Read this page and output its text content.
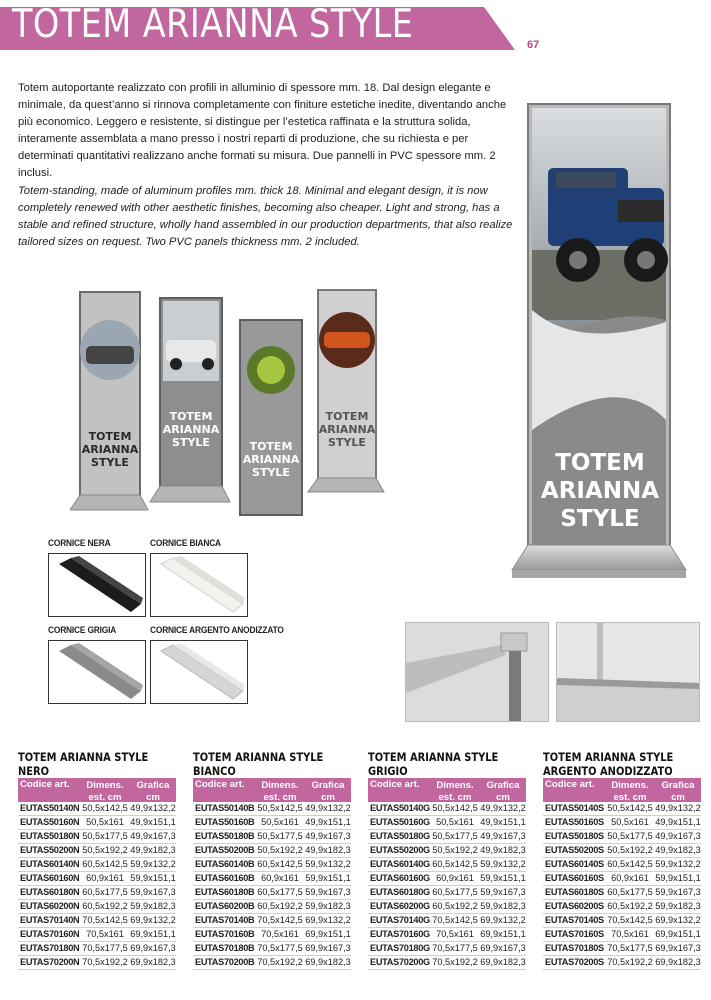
TOTEM ARIANNA STYLE	67
Totem autoportante realizzato con profili in alluminio di spessore mm. 18. Dal design elegante e minimale, da quest’anno si rinnova completamente con finiture estetiche inedite, diventando anche più economico. Leggero e resistente, si distingue per l’estetica raffinata e la struttura solida, interamente assemblata a mano presso i nostri reparti di produzione, che su richiesta e per determinati quantitativi realizzano anche formati su misura. Due pannelli in PVC spessore mm. 2 inclusi.
Totem-standing, made of aluminum profiles mm. thick 18. Minimal and elegant design, it is now completely renewed with other aesthetic finishes, becoming also cheaper. Light and strong, has a stable and refined structure, wholly hand assembled in our production departments, that also realize tailored sizes on request. Two PVC panels thickness mm. 2 included.
TOTEM
ARIANNA
STYLE
TOTEM
ARIANNA
STYLE
TOTEM
ARIANNA
STYLE	TOTEM
ARIANNA
STYLE
TOTEM
ARIANNA
STYLE
CORNICE NERA	CORNICE BIANCA
CORNICE GRIGIA	CORNICE ARGENTO ANODIZZATO
TOTEM ARIANNA STYLE
NERO
Codice art.	Dimens.
est. cm
Grafica
cm
EUTAS50140N 50,5x142,5 49,9x132,2
EUTAS50160N 50,5x161 49,9x151,1
EUTAS50180N 50,5x177,5 49,9x167,3
EUTAS50200N 50,5x192,2 49,9x182,3
EUTAS60140N 60,5x142,5 59,9x132,2
EUTAS60160N 60,9x161 59,9x151,1
EUTAS60180N 60,5x177,5 59,9x167,3
EUTAS60200N 60,5x192,2 59,9x182,3
EUTAS70140N 70,5x142,5 69,9x132,2
EUTAS70160N 70,5x161 69,9x151,1
EUTAS70180N 70,5x177,5 69,9x167,3
EUTAS70200N 70,5x192,2 69,9x182,3
TOTEM ARIANNA STYLE
BIANCO
Codice art.	Dimens.
est. cm
Grafica
cm
EUTAS50140B 50,5x142,5 49,9x132,2
EUTAS50160B 50,5x161 49,9x151,1
EUTAS50180B 50,5x177,5 49,9x167,3
EUTAS50200B 50,5x192,2 49,9x182,3
EUTAS60140B 60,5x142,5 59,9x132,2
EUTAS60160B 60,9x161 59,9x151,1
EUTAS60180B 60,5x177,5 59,9x167,3
EUTAS60200B 60,5x192,2 59,9x182,3
EUTAS70140B 70,5x142,5 69,9x132,2
EUTAS70160B 70,5x161 69,9x151,1
EUTAS70180B 70,5x177,5 69,9x167,3
EUTAS70200B 70,5x192,2 69,9x182,3
TOTEM ARIANNA STYLE
GRIGIO
Codice art.	Dimens.
est. cm
Grafica
cm
EUTAS50140G 50,5x142,5 49,9x132,2
EUTAS50160G 50,5x161 49,9x151,1
EUTAS50180G 50,5x177,5 49,9x167,3
EUTAS50200G 50,5x192,2 49,9x182,3
EUTAS60140G 60,5x142,5 59,9x132,2
EUTAS60160G 60,9x161 59,9x151,1
EUTAS60180G 60,5x177,5 59,9x167,3
EUTAS60200G 60,5x192,2 59,9x182,3
EUTAS70140G 70,5x142,5 69,9x132,2
EUTAS70160G 70,5x161 69,9x151,1
EUTAS70180G 70,5x177,5 69,9x167,3
EUTAS70200G 70,5x192,2 69,9x182,3
TOTEM ARIANNA STYLE
ARGENTO ANODIZZATO
Codice art.	Dimens.
est. cm
Grafica
cm
EUTAS50140S 50,5x142,5 49,9x132,2
EUTAS50160S 50,5x161 49,9x151,1
EUTAS50180S 50,5x177,5 49,9x167,3
EUTAS50200S 50,5x192,2 49,9x182,3
EUTAS60140S 60,5x142,5 59,9x132,2
EUTAS60160S 60,9x161 59,9x151,1
EUTAS60180S 60,5x177,5 59,9x167,3
EUTAS60200S 60,5x192,2 59,9x182,3
EUTAS70140S 70,5x142,5 69,9x132,2
EUTAS70160S 70,5x161 69,9x151,1
EUTAS70180S 70,5x177,5 69,9x167,3
EUTAS70200S 70,5x192,2 69,9x182,3
